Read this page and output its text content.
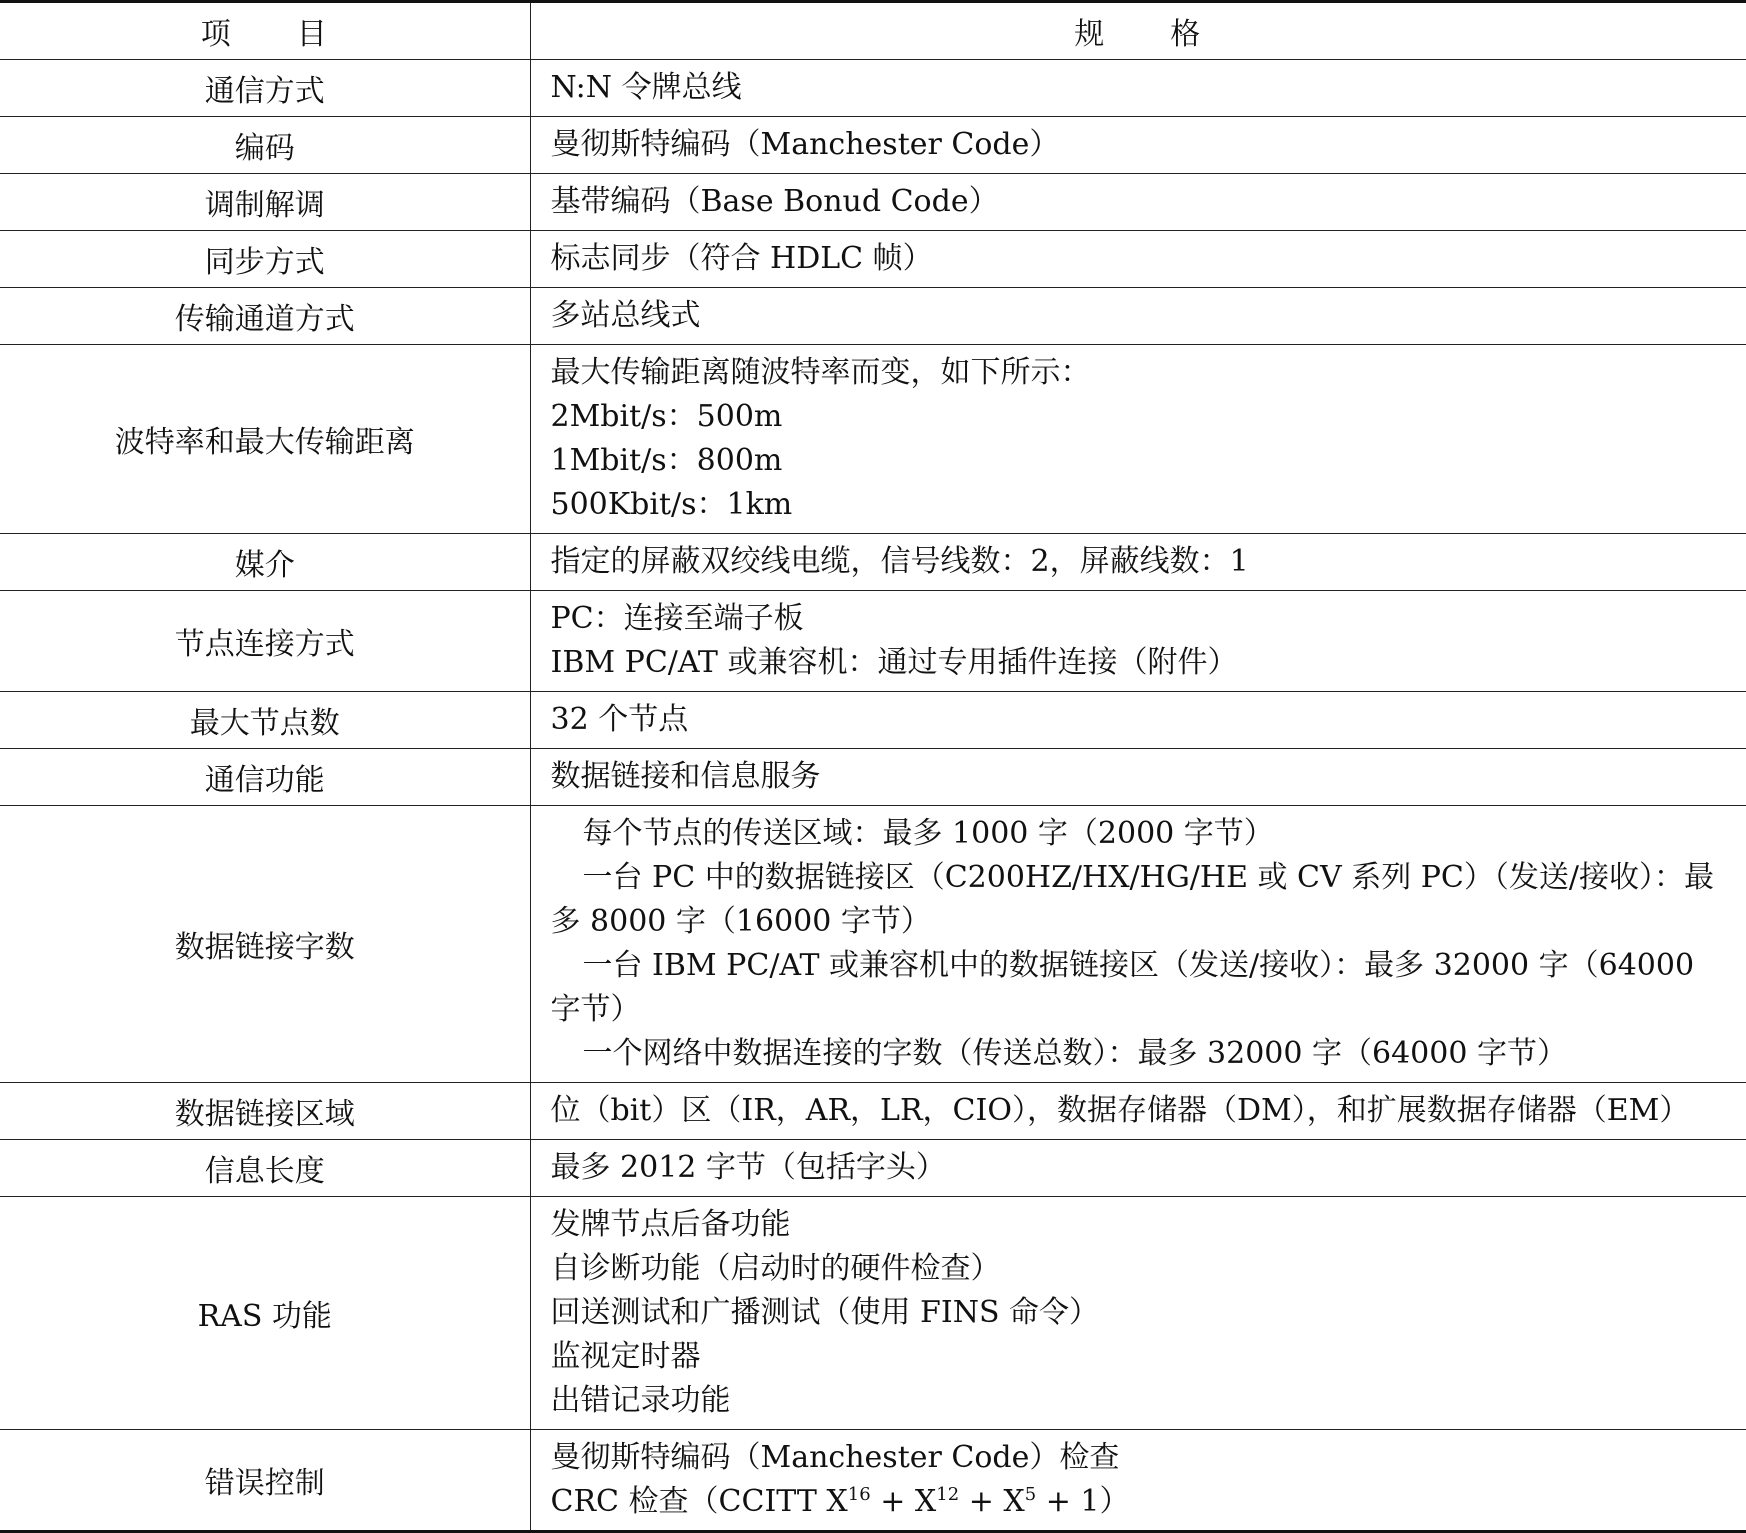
项　　目	规　　格
通信方式	N:N 令牌总线

编码	曼彻斯特编码（Manchester Code）

调制解调	基带编码（Base Bonud Code）

同步方式	标志同步（符合 HDLC 帧）

传输通道方式	多站总线式

波特率和最大传输距离	最大传输距离随波特率而变，如下所示：
2Mbit/s：500m
1Mbit/s：800m
500Kbit/s：1km

媒介	指定的屏蔽双绞线电缆，信号线数：2，屏蔽线数：1

节点连接方式	PC：连接至端子板
IBM PC/AT 或兼容机：通过专用插件连接（附件）

最大节点数	32 个节点

通信功能	数据链接和信息服务

数据链接字数	每个节点的传送区域：最多 1000 字（2000 字节）
一台 PC 中的数据链接区（C200HZ/HX/HG/HE 或 CV 系列 PC）（发送/接收）：最多 8000 字（16000 字节）
一台 IBM PC/AT 或兼容机中的数据链接区（发送/接收）：最多 32000 字（64000 字节）
一个网络中数据连接的字数（传送总数）：最多 32000 字（64000 字节）

数据链接区域	位（bit）区（IR，AR，LR，CIO），数据存储器（DM），和扩展数据存储器（EM）

信息长度	最多 2012 字节（包括字头）

RAS 功能	发牌节点后备功能
自诊断功能（启动时的硬件检查）
回送测试和广播测试（使用 FINS 命令）
监视定时器
出错记录功能

错误控制	曼彻斯特编码（Manchester Code）检查
CRC 检查（CCITT $X^{16} + X^{12} + X^5 + 1$）
